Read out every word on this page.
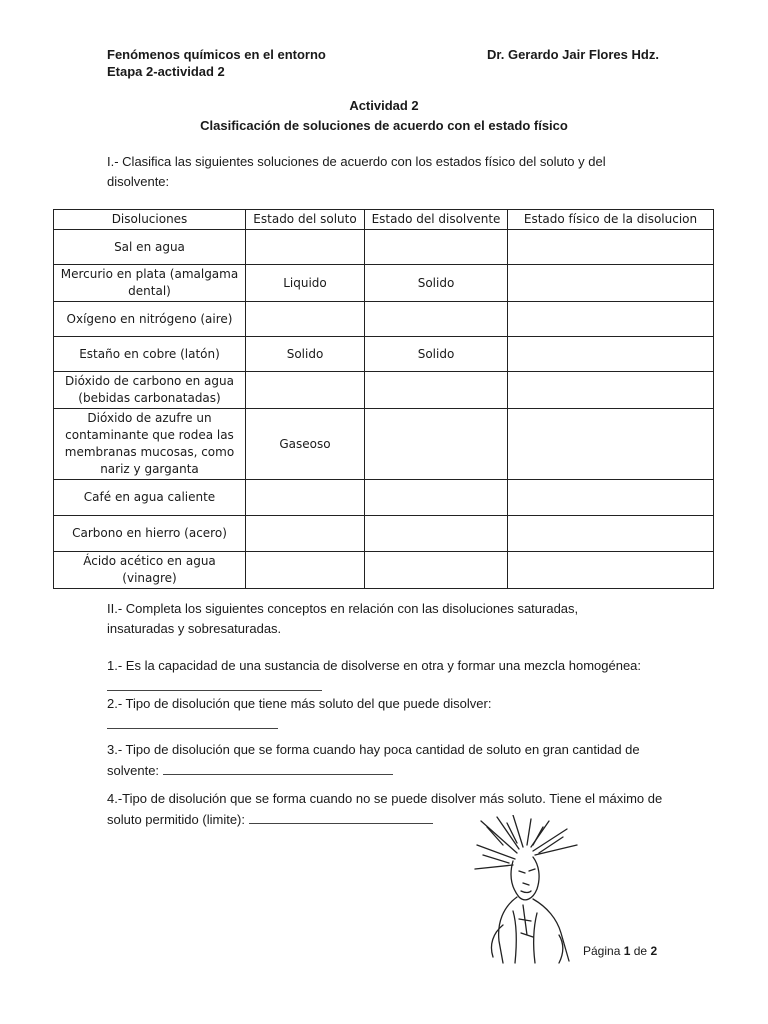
Fenómenos químicos en el entorno
Etapa 2-actividad 2
Dr. Gerardo Jair Flores Hdz.
Actividad 2
Clasificación de soluciones de acuerdo con el estado físico
I.- Clasifica las siguientes soluciones de acuerdo con los estados físico del soluto y del disolvente:
Disoluciones	Estado del soluto	Estado del disolvente	Estado físico de la disolucion
Sal en agua			
Mercurio en plata (amalgama dental)	Liquido	Solido	
Oxígeno en nitrógeno (aire)			
Estaño en cobre (latón)	Solido	Solido	
Dióxido de carbono en agua (bebidas carbonatadas)			
Dióxido de azufre un contaminante que rodea las membranas mucosas, como nariz y garganta	Gaseoso		
Café en agua caliente			
Carbono en hierro (acero)			
Ácido acético en agua (vinagre)			
II.- Completa los siguientes conceptos en relación con las disoluciones saturadas, insaturadas y sobresaturadas.
1.- Es la capacidad de una sustancia de disolverse en otra y formar una mezcla homogénea:

2.- Tipo de disolución que tiene más soluto del que puede disolver:

3.- Tipo de disolución que se forma cuando hay poca cantidad de soluto en gran cantidad de solvente:
4.-Tipo de disolución que se forma cuando no se puede disolver más soluto. Tiene el máximo de soluto permitido (limite):
Página 1 de 2
